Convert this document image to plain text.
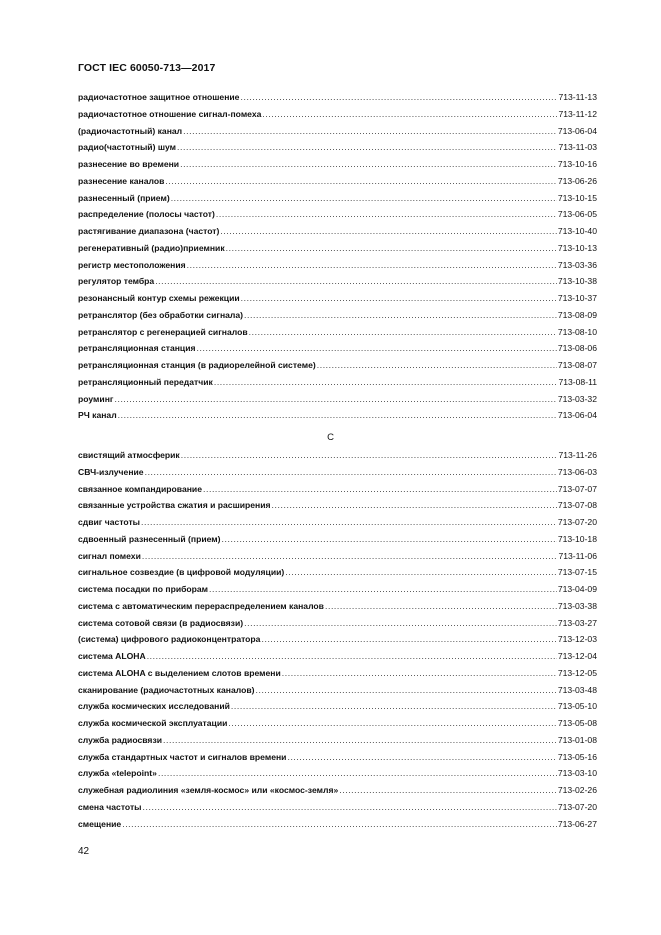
ГОСТ IEC 60050-713—2017
радиочастотное защитное отношение .....	713-11-13
радиочастотное отношение сигнал-помеха .....	713-11-12
(радиочастотный) канал .....	713-06-04
радио(частотный) шум .....	713-11-03
разнесение во времени .....	713-10-16
разнесение каналов .....	713-06-26
разнесенный (прием) .....	713-10-15
распределение (полосы частот) .....	713-06-05
растягивание диапазона (частот) .....	713-10-40
регенеративный (радио)приемник .....	713-10-13
регистр местоположения .....	713-03-36
регулятор тембра .....	713-10-38
резонансный контур схемы режекции .....	713-10-37
ретранслятор (без обработки сигнала) .....	713-08-09
ретранслятор с регенерацией сигналов .....	713-08-10
ретрансляционная станция .....	713-08-06
ретрансляционная станция (в радиорелейной системе) .....	713-08-07
ретрансляционный передатчик .....	713-08-11
роуминг .....	713-03-32
РЧ канал .....	713-06-04
С
свистящий атмосферик .....	713-11-26
СВЧ-излучение .....	713-06-03
связанное компандирование .....	713-07-07
связанные устройства сжатия и расширения .....	713-07-08
сдвиг частоты .....	713-07-20
сдвоенный разнесенный (прием) .....	713-10-18
сигнал помехи .....	713-11-06
сигнальное созвездие (в цифровой модуляции) .....	713-07-15
система посадки по приборам .....	713-04-09
система с автоматическим перераспределением каналов .....	713-03-38
система сотовой связи (в радиосвязи) .....	713-03-27
(система) цифрового радиоконцентратора .....	713-12-03
система ALOHA .....	713-12-04
система ALOHA с выделением слотов времени .....	713-12-05
сканирование (радиочастотных каналов) .....	713-03-48
служба космических исследований .....	713-05-10
служба космической эксплуатации .....	713-05-08
служба радиосвязи .....	713-01-08
служба стандартных частот и сигналов времени .....	713-05-16
служба «telepoint» .....	713-03-10
служебная радиолиния «земля-космос» или «космос-земля» .....	713-02-26
смена частоты .....	713-07-20
смещение .....	713-06-27
42
